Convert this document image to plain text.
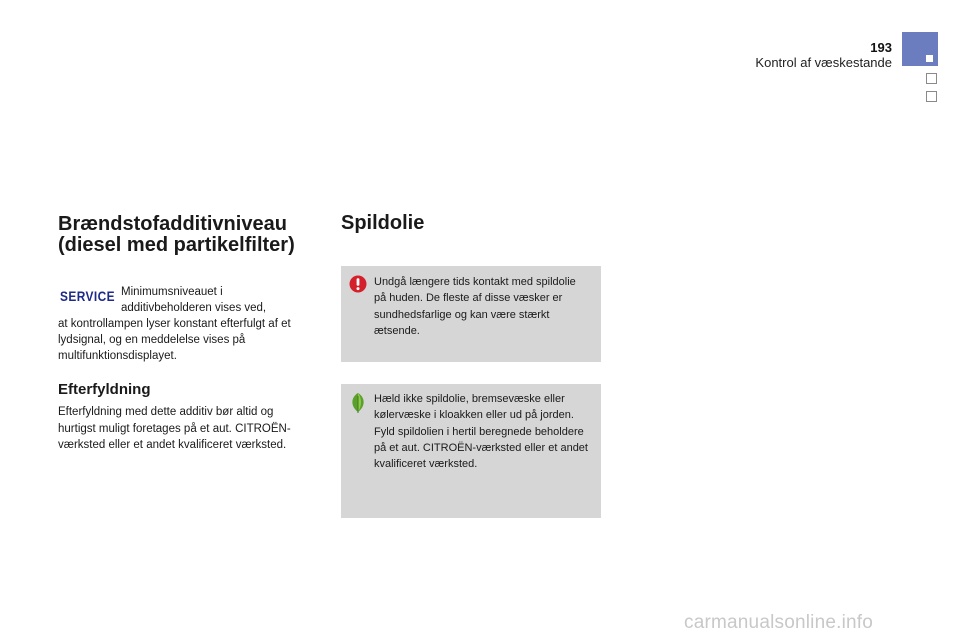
193
Kontrol af væskestande
Brændstofadditivniveau
(diesel med partikelfilter)
SERVICE Minimumsniveauet i additivbeholderen vises ved,
at kontrollampen lyser konstant efterfulgt af et lydsignal, og en meddelelse vises på multifunktionsdisplayet.
Efterfyldning
Efterfyldning med dette additiv bør altid og hurtigst muligt foretages på et aut. CITROËN-værksted eller et andet kvalificeret værksted.
Spildolie
Undgå længere tids kontakt med spildolie på huden. De fleste af disse væsker er sundhedsfarlige og kan være stærkt ætsende.
Hæld ikke spildolie, bremsevæske eller kølervæske i kloakken eller ud på jorden. Fyld spildolien i hertil beregnede beholdere på et aut. CITROËN-værksted eller et andet kvalificeret værksted.
carmanualsonline.info
